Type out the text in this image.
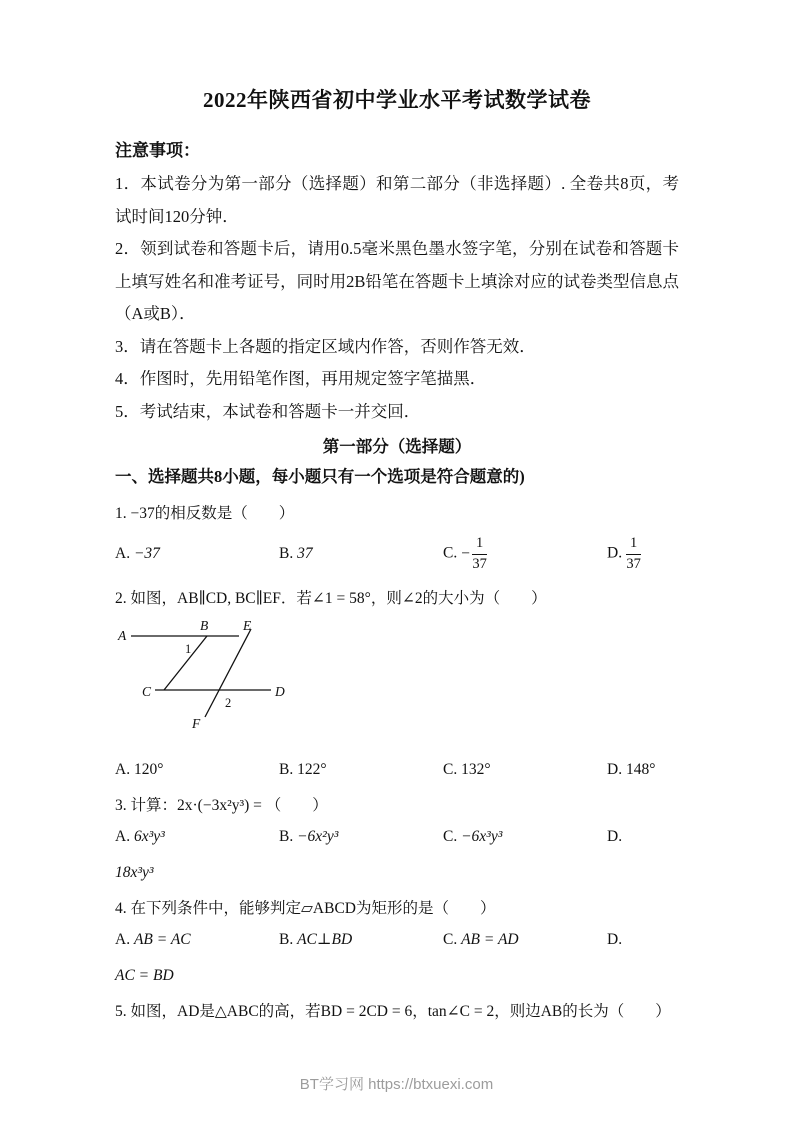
2022年陕西省初中学业水平考试数学试卷

注意事项：

1．本试卷分为第一部分（选择题）和第二部分（非选择题）. 全卷共8页，考试时间120分钟．

2．领到试卷和答题卡后，请用0.5毫米黑色墨水签字笔，分别在试卷和答题卡上填写姓名和准考证号，同时用2B铅笔在答题卡上填涂对应的试卷类型信息点（A或B）．

3．请在答题卡上各题的指定区域内作答，否则作答无效．

4．作图时，先用铅笔作图，再用规定签字笔描黑．

5．考试结束，本试卷和答题卡一并交回．

第一部分（选择题）

一、选择题共8小题，每小题只有一个选项是符合题意的)

1. −37的相反数是（　　）

A. −37	B. 37	C. − $\frac{1}{37}$	D. $\frac{1}{37}$

2. 如图，AB∥CD, BC∥EF．若∠1 = 58°，则∠2的大小为（　　）

A
B	E
1
C	D
2
F
A. 120°	B. 122°	C. 132°	D. 148°

3. 计算：2x·(−3x²y³) = （　　）

A. 6x³y³	B. −6x²y³	C. −6x³y³	D.

18x³y³

4. 在下列条件中，能够判定▱ABCD为矩形的是（　　）

A. AB = AC	B. AC⊥BD	C. AB = AD	D.

AC = BD

5. 如图，AD是△ABC的高，若BD = 2CD = 6，tan∠C = 2，则边AB的长为（　　）

BT学习网 https://btxuexi.com
